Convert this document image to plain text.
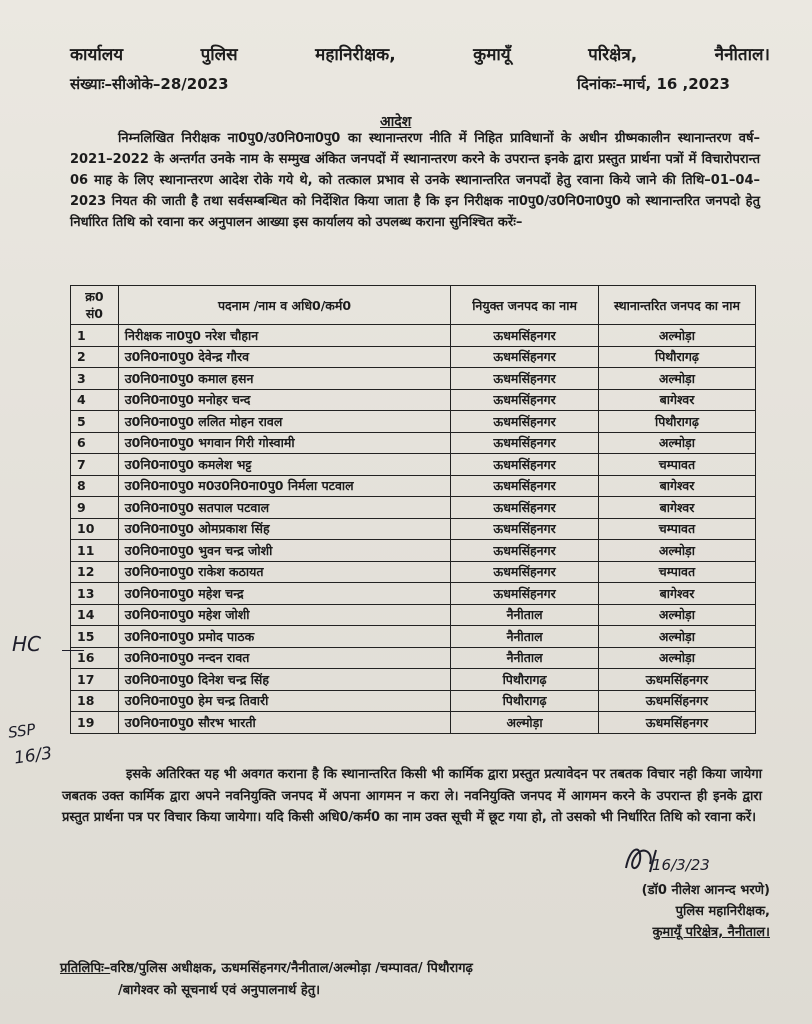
कार्यालय	पुलिस	महानिरीक्षक,	कुमायूँ	परिक्षेत्र,	नैनीताल।
संख्याः–सीओके–28/2023	दिनांकः–मार्च, 16 ,2023
आदेश
निम्नलिखित निरीक्षक ना0पु0/उ0नि0ना0पु0 का स्थानान्तरण नीति में निहित प्राविधानों के अधीन ग्रीष्मकालीन स्थानान्तरण वर्ष–2021–2022 के अन्तर्गत उनके नाम के सम्मुख अंकित जनपदों में स्थानान्तरण करने के उपरान्त इनके द्वारा प्रस्तुत प्रार्थना पत्रों में विचारोपरान्त 06 माह के लिए स्थानान्तरण आदेश रोके गये थे, को तत्काल प्रभाव से उनके स्थानान्तरित जनपदों हेतु रवाना किये जाने की तिथि–01–04–2023 नियत की जाती है तथा सर्वसम्बन्धित को निर्देशित किया जाता है कि इन निरीक्षक ना0पु0/उ0नि0ना0पु0 को स्थानान्तरित जनपदो हेतु निर्धारित तिथि को रवाना कर अनुपालन आख्या इस कार्यालय को उपलब्ध कराना सुनिश्चित करेंः–
क्र0 सं0	पदनाम /नाम व अधि0/कर्म0	नियुक्त जनपद का नाम	स्थानान्तरित जनपद का नाम
1	निरीक्षक ना0पु0 नरेश चौहान	ऊधमसिंहनगर	अल्मोड़ा
2	उ0नि0ना0पु0 देवेन्द्र गौरव	ऊधमसिंहनगर	पिथौरागढ़
3	उ0नि0ना0पु0 कमाल हसन	ऊधमसिंहनगर	अल्मोड़ा
4	उ0नि0ना0पु0 मनोहर चन्द	ऊधमसिंहनगर	बागेश्वर
5	उ0नि0ना0पु0 ललित मोहन रावल	ऊधमसिंहनगर	पिथौरागढ़
6	उ0नि0ना0पु0 भगवान गिरी गोस्वामी	ऊधमसिंहनगर	अल्मोड़ा
7	उ0नि0ना0पु0 कमलेश भट्ट	ऊधमसिंहनगर	चम्पावत
8	उ0नि0ना0पु0 म0उ0नि0ना0पु0 निर्मला पटवाल	ऊधमसिंहनगर	बागेश्वर
9	उ0नि0ना0पु0 सतपाल पटवाल	ऊधमसिंहनगर	बागेश्वर
10	उ0नि0ना0पु0 ओमप्रकाश सिंह	ऊधमसिंहनगर	चम्पावत
11	उ0नि0ना0पु0 भुवन चन्द्र जोशी	ऊधमसिंहनगर	अल्मोड़ा
12	उ0नि0ना0पु0 राकेश कठायत	ऊधमसिंहनगर	चम्पावत
13	उ0नि0ना0पु0 महेश चन्द्र	ऊधमसिंहनगर	बागेश्वर
14	उ0नि0ना0पु0 महेश जोशी	नैनीताल	अल्मोड़ा
15	उ0नि0ना0पु0 प्रमोद पाठक	नैनीताल	अल्मोड़ा
16	उ0नि0ना0पु0 नन्दन रावत	नैनीताल	अल्मोड़ा
17	उ0नि0ना0पु0 दिनेश चन्द्र सिंह	पिथौरागढ़	ऊधमसिंहनगर
18	उ0नि0ना0पु0 हेम चन्द्र तिवारी	पिथौरागढ़	ऊधमसिंहनगर
19	उ0नि0ना0पु0 सौरभ भारती	अल्मोड़ा	ऊधमसिंहनगर
इसके अतिरिक्त यह भी अवगत कराना है कि स्थानान्तरित किसी भी कार्मिक द्वारा प्रस्तुत प्रत्यावेदन पर तबतक विचार नही किया जायेगा जबतक उक्त कार्मिक द्वारा अपने नवनियुक्ति जनपद में अपना आगमन न करा ले। नवनियुक्ति जनपद में आगमन करने के उपरान्त ही इनके द्वारा प्रस्तुत प्रार्थना पत्र पर विचार किया जायेगा। यदि किसी अधि0/कर्म0 का नाम उक्त सूची में छूट गया हो, तो उसको भी निर्धारित तिथि को रवाना करें।
16/3/23
(डॉ0 नीलेश आनन्द भरणे)
पुलिस महानिरीक्षक,
कुमायूँ परिक्षेत्र, नैनीताल।
प्रतिलिपिः–वरिष्ठ/पुलिस अधीक्षक, ऊधमसिंहनगर/नैनीताल/अल्मोड़ा /चम्पावत/ पिथौरागढ़
/बागेश्वर को सूचनार्थ एवं अनुपालनार्थ हेतु।
HC
SSP
16/3
